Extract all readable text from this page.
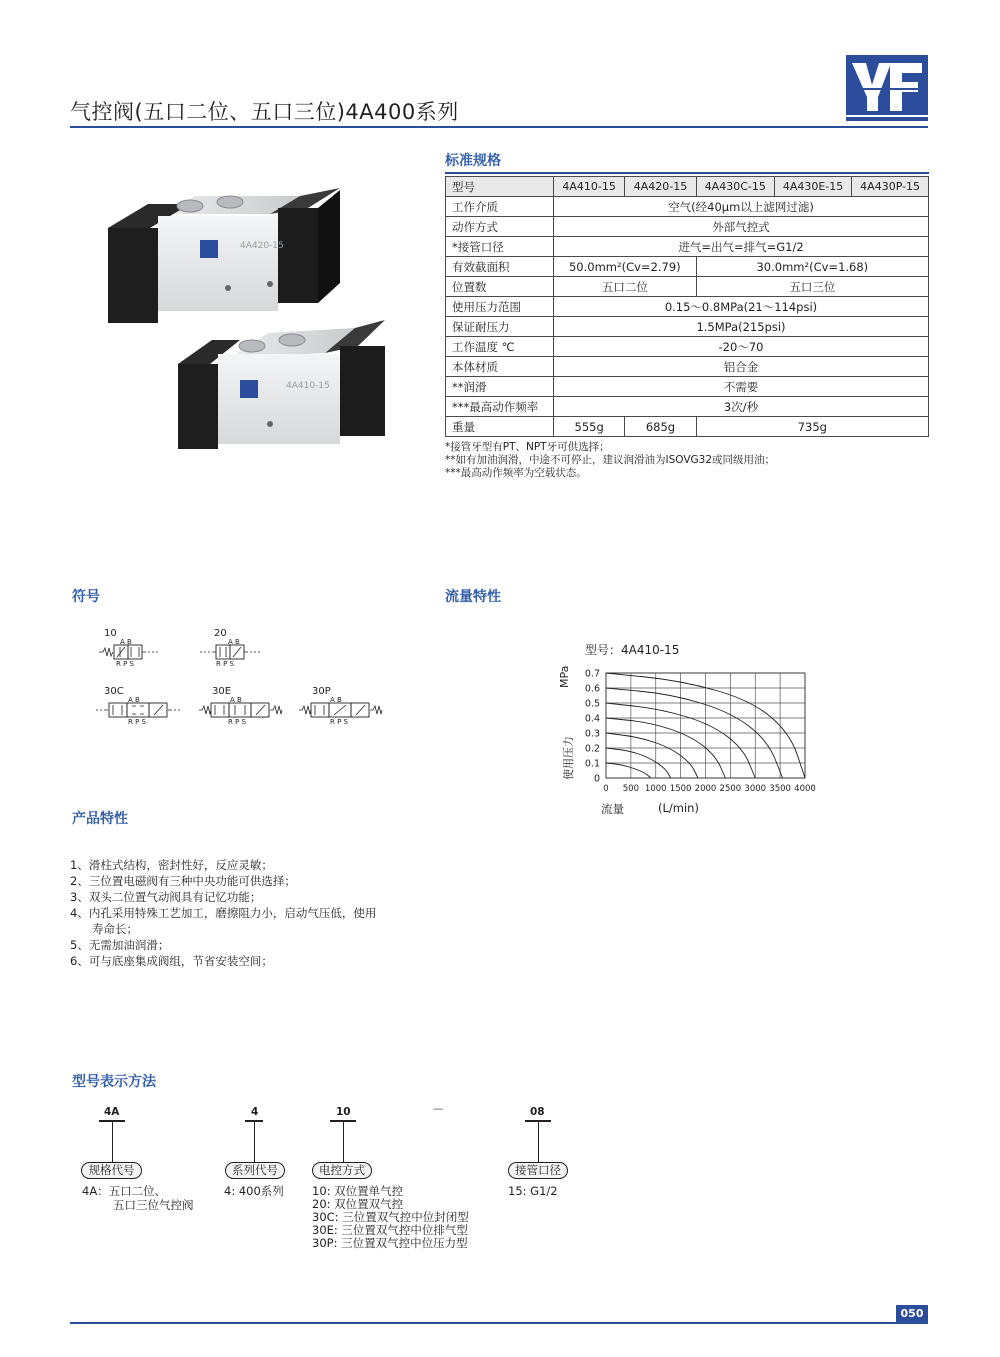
气控阀(五口二位、五口三位)4A400系列
4A420-15
4A410-15
标准规格
型号	4A410-15	4A420-15	4A430C-15	4A430E-15	4A430P-15
工作介质	空气(经40μm以上滤网过滤)				
动作方式	外部气控式				
*接管口径	进气=出气=排气=G1/2				
有效截面积	50.0mm²(Cv=2.79)		30.0mm²(Cv=1.68)		
位置数	五口二位		五口三位		
使用压力范围	0.15～0.8MPa(21～114psi)				
保证耐压力	1.5MPa(215psi)				
工作温度 ℃	-20～70				
本体材质	铝合金				
**润滑	不需要				
***最高动作频率	3次/秒				
重量	555g	685g	735g		
*接管牙型有PT、NPT牙可供选择；
**如有加油润滑，中途不可停止，建议润滑油为ISOVG32或同级用油；
***最高动作频率为空载状态。
符号
10
A B
R P S
20
A B
R P S
30C
A B
R P S
30E
A B
R P S
30P
A B
R P S
流量特性
型号：4A410-15
MPa
使用压力
流量	(L/min)
0.7
0.6
0.5
0.4
0.3
0.2
0.1
0
0 500 1000 1500 2000 2500 3000 3500 4000
产品特性
1、滑柱式结构，密封性好，反应灵敏；
2、三位置电磁阀有三种中央功能可供选择；
3、双头二位置气动阀具有记忆功能；
4、内孔采用特殊工艺加工，磨擦阻力小，启动气压低，使用
寿命长；
5、无需加油润滑；
6、可与底座集成阀组，节省安装空间；
型号表示方法
4A
规格代号
4A：五口二位、
五口三位气控阀
4
系列代号
4: 400系列
10
电控方式
10: 双位置单气控
20: 双位置双气控
30C: 三位置双气控中位封闭型
30E: 三位置双气控中位排气型
30P: 三位置双气控中位压力型
—	08
接管口径
15: G1/2
050
